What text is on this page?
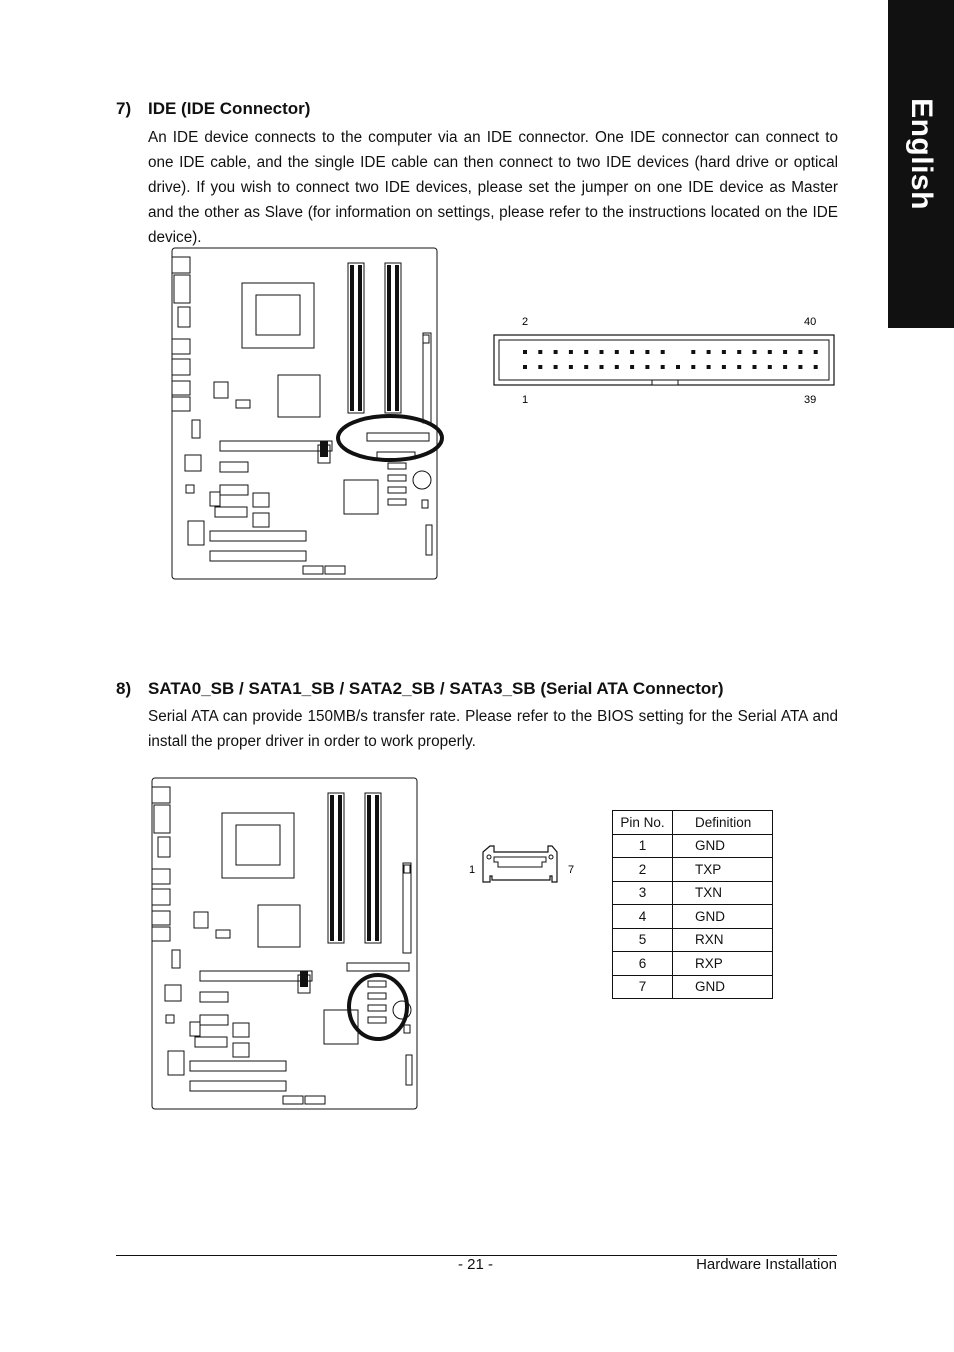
English
7) IDE (IDE Connector)

An IDE device connects to the computer via an IDE connector. One IDE connector can connect to one IDE cable, and the single IDE cable can then connect to two IDE devices (hard drive or optical drive). If you wish to connect two IDE devices, please set the jumper on one IDE device as Master and the other as Slave (for information on settings, please refer to the instructions located on the IDE device).

2	40
1	39
8) SATA0_SB / SATA1_SB / SATA2_SB / SATA3_SB (Serial ATA Connector)

Serial ATA can provide 150MB/s transfer rate. Please refer to the BIOS setting for the Serial ATA and install the proper driver in order to work properly.

1	7
Pin No.	Definition
1	GND
2	TXP
3	TXN
4	GND
5	RXN
6	RXP
7	GND
- 21 -	Hardware Installation
